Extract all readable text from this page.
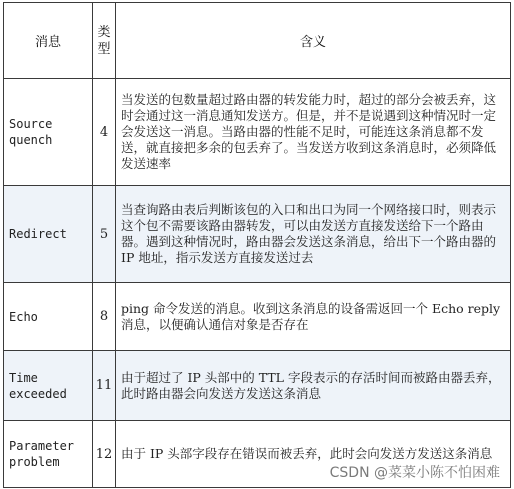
消息	类型	含义
Source quench	4	当发送的包数量超过路由器的转发能力时，超过的部分会被丢弃，这时会通过这一消息通知发送方。但是，并不是说遇到这种情况时一定会发送这一消息。当路由器的性能不足时，可能连这条消息都不发送，就直接把多余的包丢弃了。当发送方收到这条消息时，必须降低发送速率
Redirect	5	当查询路由表后判断该包的入口和出口为同一个网络接口时，则表示这个包不需要该路由器转发，可以由发送方直接发送给下一个路由器。遇到这种情况时，路由器会发送这条消息，给出下一个路由器的 IP 地址，指示发送方直接发送过去
Echo	8	ping 命令发送的消息。收到这条消息的设备需返回一个 Echo reply 消息，以便确认通信对象是否存在
Time exceeded	11	由于超过了 IP 头部中的 TTL 字段表示的存活时间而被路由器丢弃，此时路由器会向发送方发送这条消息
Parameter problem	12	由于 IP 头部字段存在错误而被丢弃，此时会向发送方发送这条消息
CSDN @菜菜小陈不怕困难
